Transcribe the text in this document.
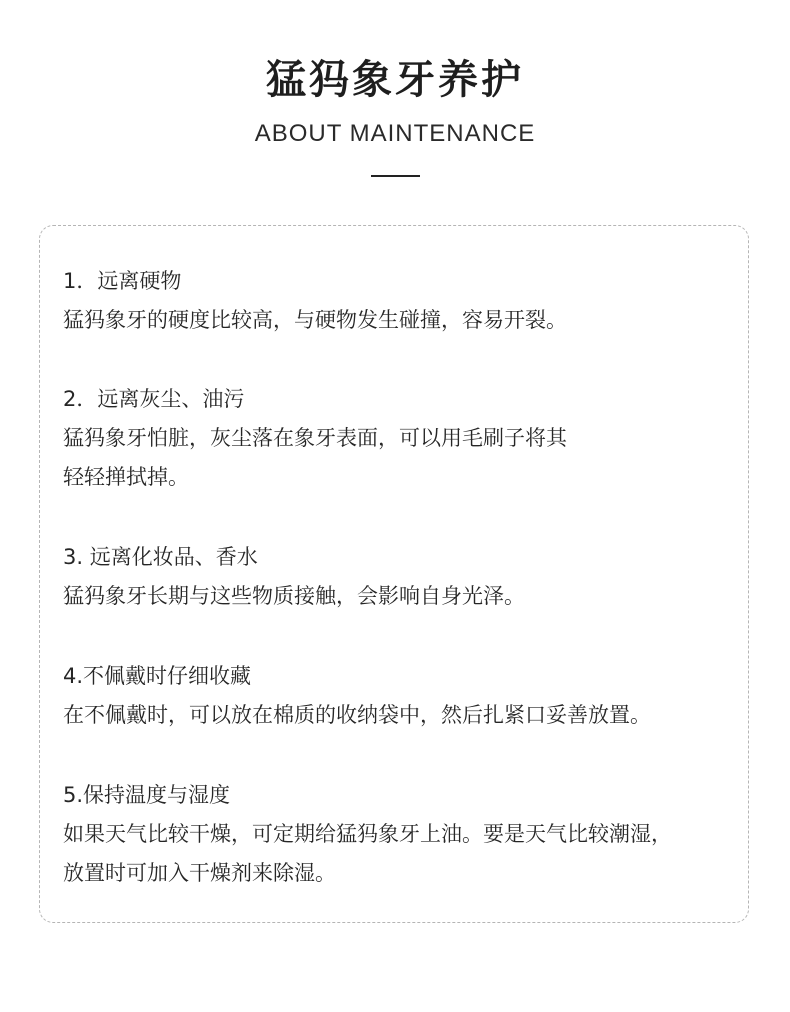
猛犸象牙养护
ABOUT MAINTENANCE
1．远离硬物
猛犸象牙的硬度比较高，与硬物发生碰撞，容易开裂。
2．远离灰尘、油污
猛犸象牙怕脏，灰尘落在象牙表面，可以用毛刷子将其
轻轻掸拭掉。
3. 远离化妆品、香水
猛犸象牙长期与这些物质接触，会影响自身光泽。
4.不佩戴时仔细收藏
在不佩戴时，可以放在棉质的收纳袋中，然后扎紧口妥善放置。
5.保持温度与湿度
如果天气比较干燥，可定期给猛犸象牙上油。要是天气比较潮湿，
放置时可加入干燥剂来除湿。
